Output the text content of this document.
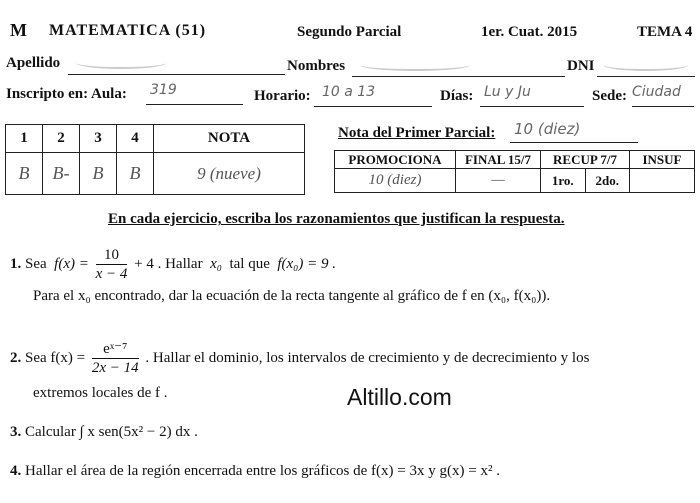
M MATEMATICA (51)	Segundo Parcial	1er. Cuat. 2015	TEMA 4
Apellido	Nombres	DNI
Inscripto en: Aula: 319	Horario: 10 a 13	Días: Lu y Ju	Sede: Ciudad
1	2	3	4	NOTA
B	B-	B	B	9 (nueve)
Nota del Primer Parcial: 10 (diez)
PROMOCIONA	FINAL 15/7	RECUP 7/7		INSUF
10 (diez)	—	1ro.	2do.	
En cada ejercicio, escriba los razonamientos que justifican la respuesta.
1. Sea  $f(x) = \frac{10}{x - 4} + 4$ . Hallar  x₀  tal que  f(x₀) = 9 .
Para el x₀ encontrado, dar la ecuación de la recta tangente al gráfico de f en (x₀, f(x₀)).
2. Sea $f(x) = \frac{\text{eˣ⁻⁷}}{2x - 14}$ . Hallar el dominio, los intervalos de crecimiento y de decrecimiento y los
extremos locales de f .	Altillo.com
3. Calcular ∫ x sen(5x² − 2) dx .
4. Hallar el área de la región encerrada entre los gráficos de f(x) = 3x y g(x) = x² .
